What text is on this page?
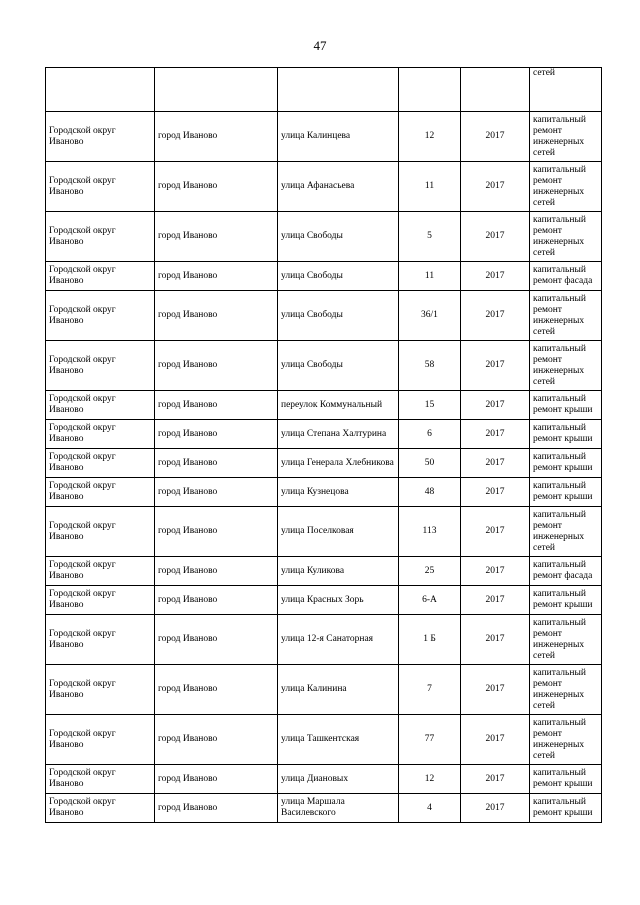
47

					сетей

Городской округ Иваново	город Иваново	улица Калинцева	12	2017	капитальный ремонт инженерных сетей

Городской округ Иваново	город Иваново	улица Афанасьева	11	2017	капитальный ремонт инженерных сетей

Городской округ Иваново	город Иваново	улица Свободы	5	2017	капитальный ремонт инженерных сетей

Городской округ Иваново	город Иваново	улица Свободы	11	2017	капитальный ремонт фасада

Городской округ Иваново	город Иваново	улица Свободы	36/1	2017	капитальный ремонт инженерных сетей

Городской округ Иваново	город Иваново	улица Свободы	58	2017	капитальный ремонт инженерных сетей

Городской округ Иваново	город Иваново	переулок Коммунальный	15	2017	капитальный ремонт крыши

Городской округ Иваново	город Иваново	улица Степана Халтурина	6	2017	капитальный ремонт крыши

Городской округ Иваново	город Иваново	улица Генерала Хлебникова	50	2017	капитальный ремонт крыши

Городской округ Иваново	город Иваново	улица Кузнецова	48	2017	капитальный ремонт крыши

Городской округ Иваново	город Иваново	улица Поселковая	113	2017	капитальный ремонт инженерных сетей

Городской округ Иваново	город Иваново	улица Куликова	25	2017	капитальный ремонт фасада

Городской округ Иваново	город Иваново	улица Красных Зорь	6-А	2017	капитальный ремонт крыши

Городской округ Иваново	город Иваново	улица 12-я Санаторная	1 Б	2017	капитальный ремонт инженерных сетей

Городской округ Иваново	город Иваново	улица Калинина	7	2017	капитальный ремонт инженерных сетей

Городской округ Иваново	город Иваново	улица Ташкентская	77	2017	капитальный ремонт инженерных сетей

Городской округ Иваново	город Иваново	улица Диановых	12	2017	капитальный ремонт крыши

Городской округ Иваново	город Иваново	улица Маршала Василевского	4	2017	капитальный ремонт крыши
